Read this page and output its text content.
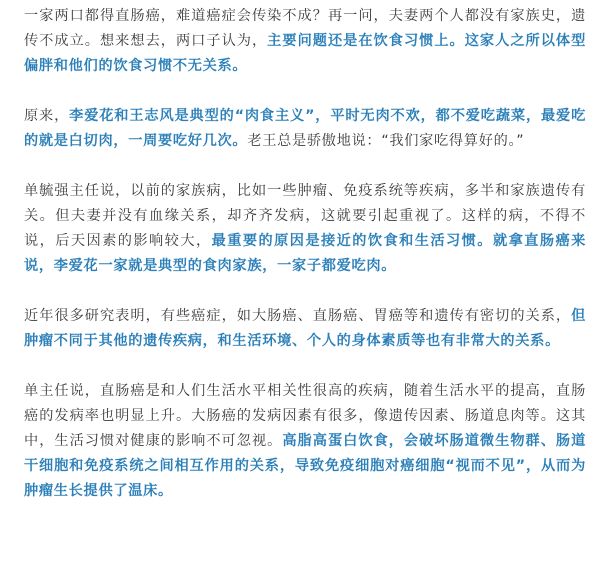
一家两口都得直肠癌，难道癌症会传染不成？再一问，夫妻两个人都没有家族史，遗传不成立。想来想去，两口子认为，主要问题还是在饮食习惯上。这家人之所以体型偏胖和他们的饮食习惯不无关系。

原来，李爱花和王志风是典型的“肉食主义”，平时无肉不欢，都不爱吃蔬菜，最爱吃的就是白切肉，一周要吃好几次。老王总是骄傲地说：“我们家吃得算好的。”

单毓强主任说，以前的家族病，比如一些肿瘤、免疫系统等疾病，多半和家族遗传有关。但夫妻并没有血缘关系，却齐齐发病，这就要引起重视了。这样的病，不得不说，后天因素的影响较大，最重要的原因是接近的饮食和生活习惯。就拿直肠癌来说，李爱花一家就是典型的食肉家族，一家子都爱吃肉。

近年很多研究表明，有些癌症，如大肠癌、直肠癌、胃癌等和遗传有密切的关系，但肿瘤不同于其他的遗传疾病，和生活环境、个人的身体素质等也有非常大的关系。

单主任说，直肠癌是和人们生活水平相关性很高的疾病，随着生活水平的提高，直肠癌的发病率也明显上升。大肠癌的发病因素有很多，像遗传因素、肠道息肉等。这其中，生活习惯对健康的影响不可忽视。高脂高蛋白饮食，会破坏肠道微生物群、肠道干细胞和免疫系统之间相互作用的关系，导致免疫细胞对癌细胞“视而不见”，从而为肿瘤生长提供了温床。
